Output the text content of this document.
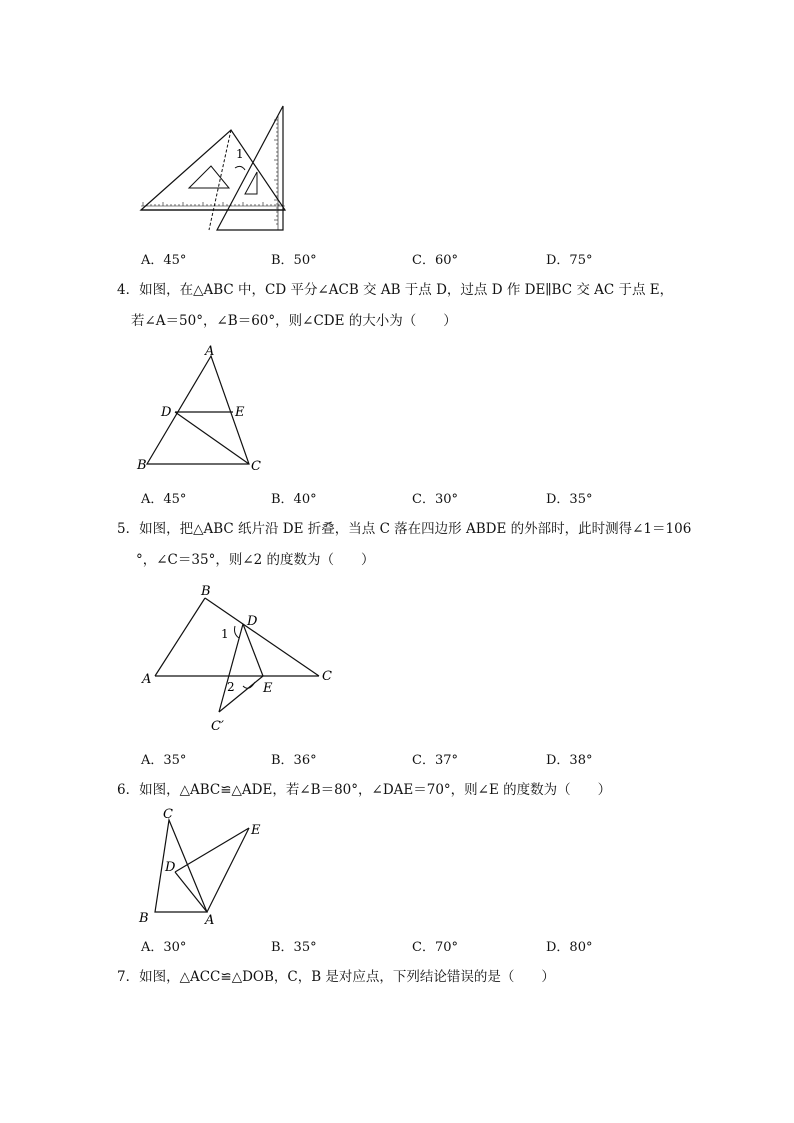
1
A．45°	B．50°	C．60°	D．75°
4．如图，在△ABC 中，CD 平分∠ACB 交 AB 于点 D，过点 D 作 DE∥BC 交 AC 于点 E，
若∠A＝50°，∠B＝60°，则∠CDE 的大小为（　　）
A
D	E
B	C
A．45°	B．40°	C．30°	D．35°
5．如图，把△ABC 纸片沿 DE 折叠，当点 C 落在四边形 ABDE 的外部时，此时测得∠1＝106
°，∠C＝35°，则∠2 的度数为（　　）
B
D
1
A	C
2 E
C′
A．35°	B．36°	C．37°	D．38°
6．如图，△ABC≌△ADE，若∠B＝80°，∠DAE＝70°，则∠E 的度数为（　　）
C
E
D
B	A
A．30°	B．35°	C．70°	D．80°
7．如图，△ACC≌△DOB，C，B 是对应点，下列结论错误的是（　　）
